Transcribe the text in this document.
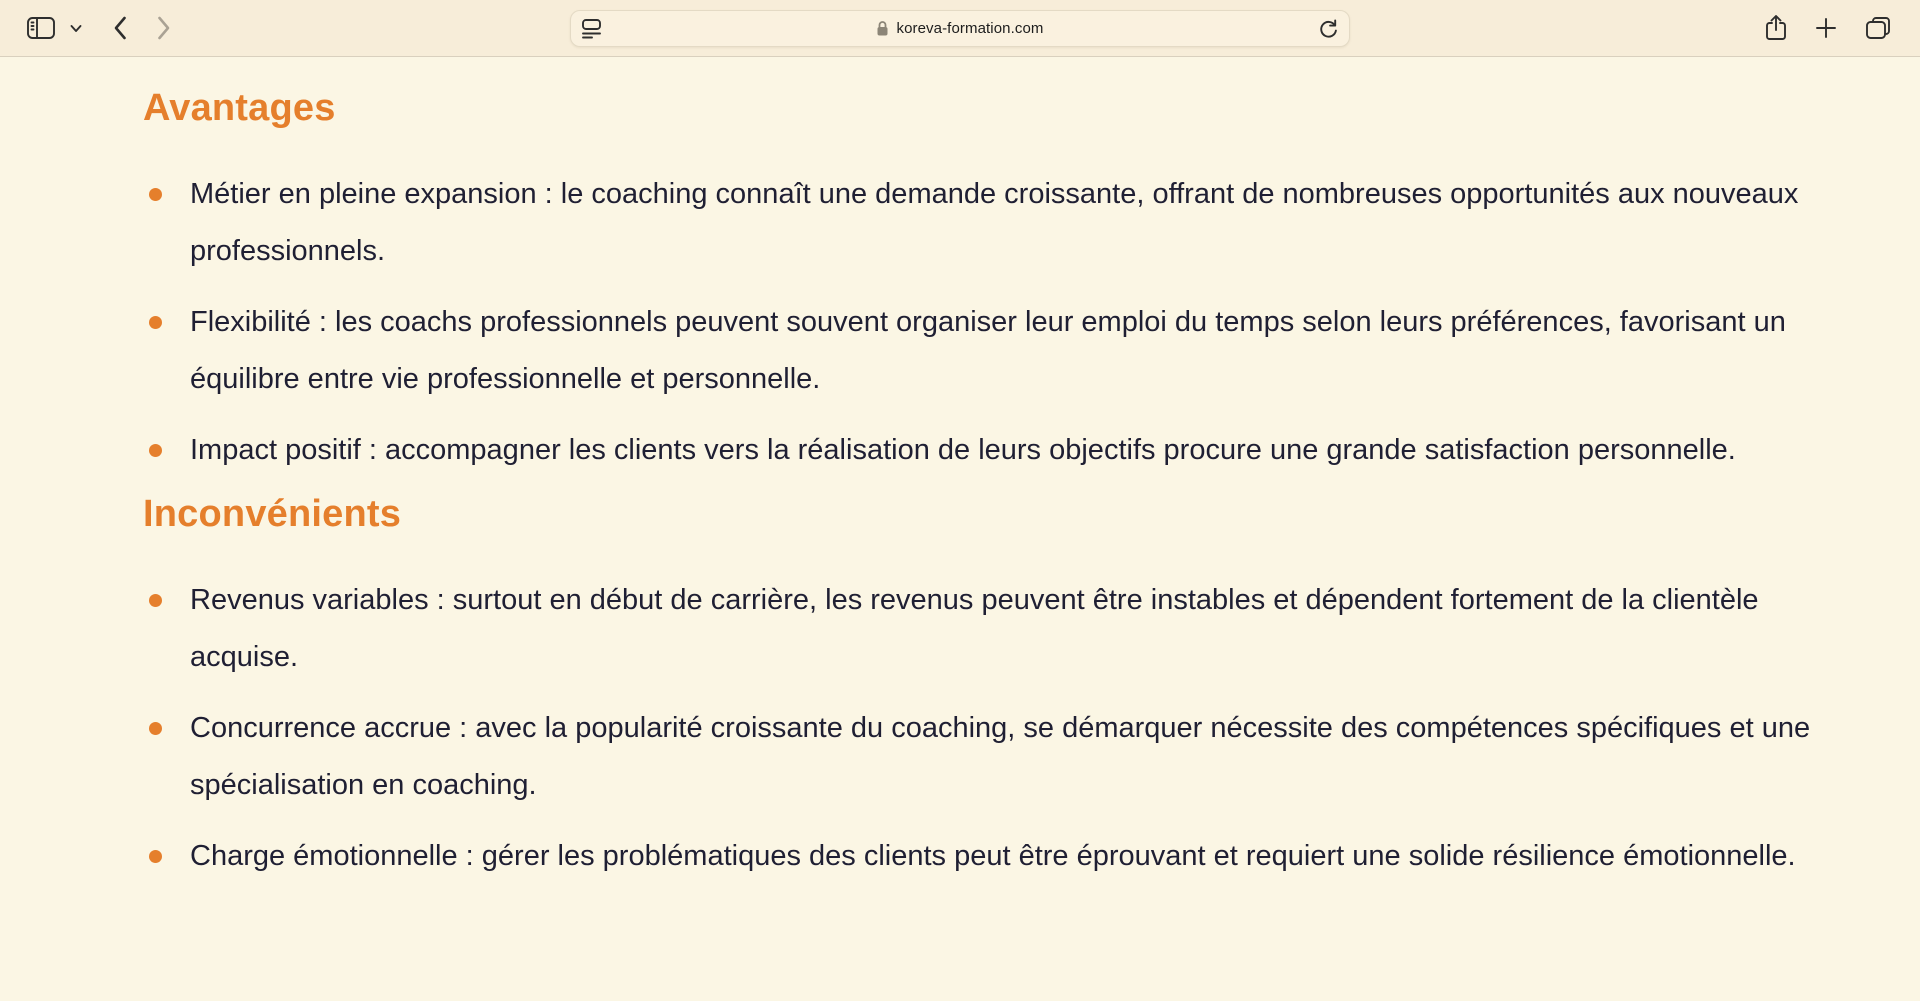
koreva-formation.com
Avantages
Métier en pleine expansion : le coaching connaît une demande croissante, offrant de nombreuses opportunités aux nouveaux professionnels.
Flexibilité : les coachs professionnels peuvent souvent organiser leur emploi du temps selon leurs préférences, favorisant un équilibre entre vie professionnelle et personnelle.
Impact positif : accompagner les clients vers la réalisation de leurs objectifs procure une grande satisfaction personnelle.
Inconvénients
Revenus variables : surtout en début de carrière, les revenus peuvent être instables et dépendent fortement de la clientèle acquise.
Concurrence accrue : avec la popularité croissante du coaching, se démarquer nécessite des compétences spécifiques et une spécialisation en coaching.
Charge émotionnelle : gérer les problématiques des clients peut être éprouvant et requiert une solide résilience émotionnelle.
